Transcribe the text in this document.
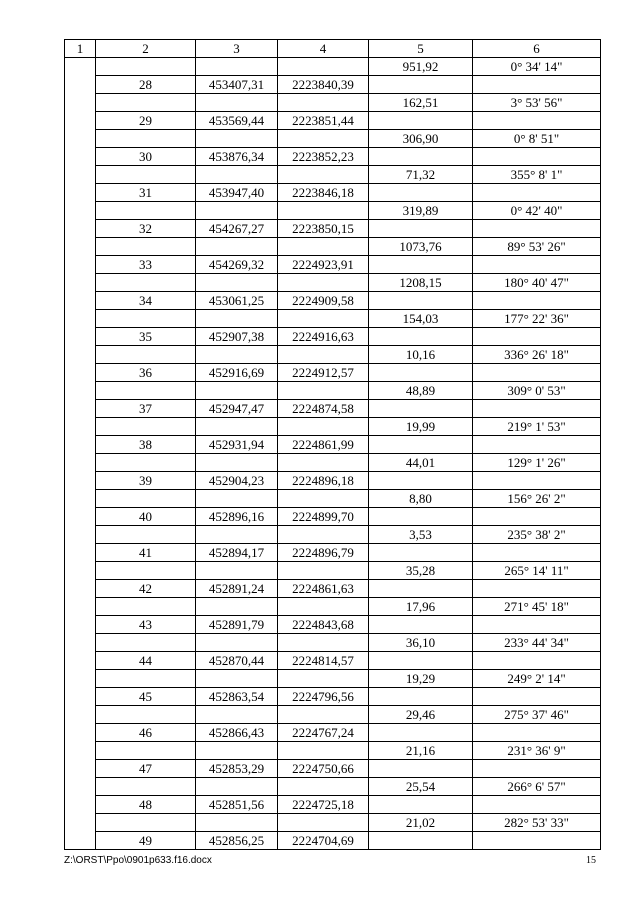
1	2	3	4	5	6
				951,92	0° 34' 14"
	28	453407,31	2223840,39		
				162,51	3° 53' 56"
	29	453569,44	2223851,44		
				306,90	0° 8' 51"
	30	453876,34	2223852,23		
				71,32	355° 8' 1"
	31	453947,40	2223846,18		
				319,89	0° 42' 40"
	32	454267,27	2223850,15		
				1073,76	89° 53' 26"
	33	454269,32	2224923,91		
				1208,15	180° 40' 47"
	34	453061,25	2224909,58		
				154,03	177° 22' 36"
	35	452907,38	2224916,63		
				10,16	336° 26' 18"
	36	452916,69	2224912,57		
				48,89	309° 0' 53"
	37	452947,47	2224874,58		
				19,99	219° 1' 53"
	38	452931,94	2224861,99		
				44,01	129° 1' 26"
	39	452904,23	2224896,18		
				8,80	156° 26' 2"
	40	452896,16	2224899,70		
				3,53	235° 38' 2"
	41	452894,17	2224896,79		
				35,28	265° 14' 11"
	42	452891,24	2224861,63		
				17,96	271° 45' 18"
	43	452891,79	2224843,68		
				36,10	233° 44' 34"
	44	452870,44	2224814,57		
				19,29	249° 2' 14"
	45	452863,54	2224796,56		
				29,46	275° 37' 46"
	46	452866,43	2224767,24		
				21,16	231° 36' 9"
	47	452853,29	2224750,66		
				25,54	266° 6' 57"
	48	452851,56	2224725,18		
				21,02	282° 53' 33"
	49	452856,25	2224704,69		
Z:\ORST\Ppo\0901p633.f16.docx	15
